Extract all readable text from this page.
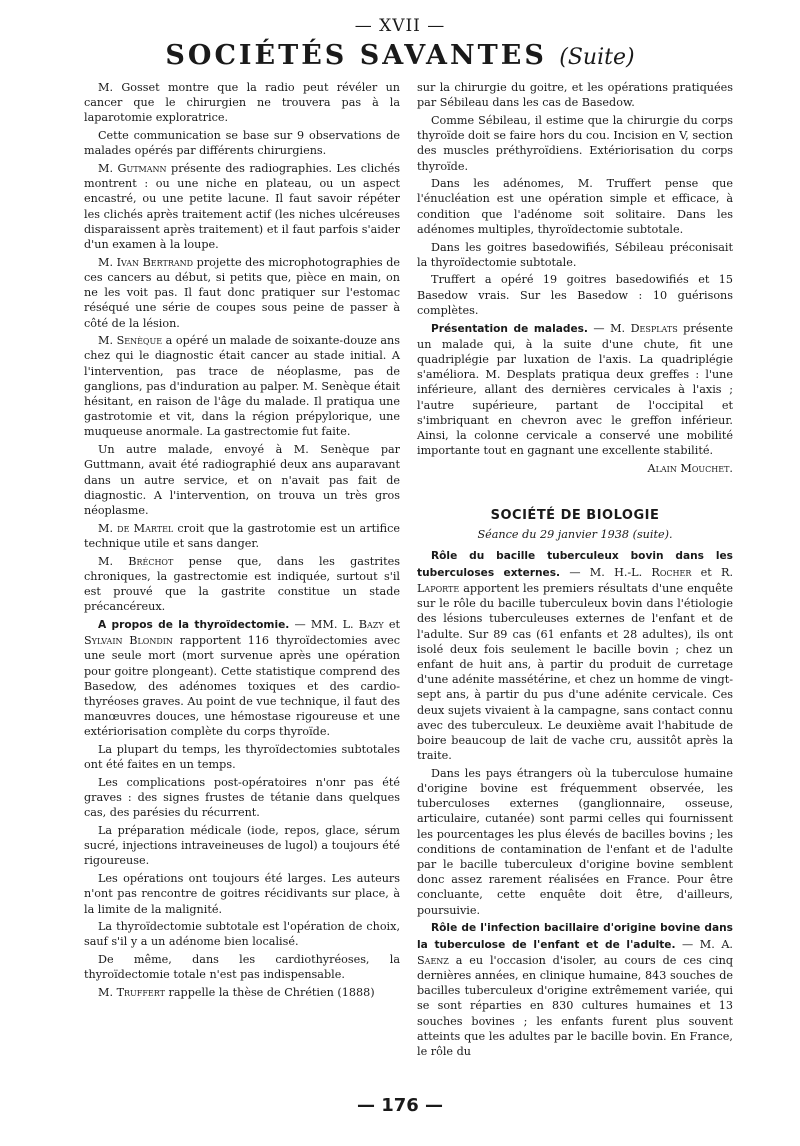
— XVII —
SOCIÉTÉS SAVANTES (Suite)

M. Gosset montre que la radio peut révéler un cancer que le chirurgien ne trouvera pas à la laparotomie exploratrice.

Cette communication se base sur 9 observations de malades opérés par différents chirurgiens.

M. Gutmann présente des radiographies. Les clichés montrent : ou une niche en plateau, ou un aspect encastré, ou une petite lacune. Il faut savoir répéter les clichés après traitement actif (les niches ulcéreuses disparaissent après traitement) et il faut parfois s'aider d'un examen à la loupe.

M. Ivan Bertrand projette des microphotographies de ces cancers au début, si petits que, pièce en main, on ne les voit pas. Il faut donc pratiquer sur l'estomac réséqué une série de coupes sous peine de passer à côté de la lésion.

M. Senèque a opéré un malade de soixante-douze ans chez qui le diagnostic était cancer au stade initial. A l'intervention, pas trace de néoplasme, pas de ganglions, pas d'induration au palper. M. Senèque était hésitant, en raison de l'âge du malade. Il pratiqua une gastrotomie et vit, dans la région prépylorique, une muqueuse anormale. La gastrectomie fut faite.

Un autre malade, envoyé à M. Senèque par Guttmann, avait été radiographié deux ans auparavant dans un autre service, et on n'avait pas fait de diagnostic. A l'intervention, on trouva un très gros néoplasme.

M. de Martel croit que la gastrotomie est un artifice technique utile et sans danger.

M. Bréchot pense que, dans les gastrites chroniques, la gastrectomie est indiquée, surtout s'il est prouvé que la gastrite constitue un stade précancéreux.

A propos de la thyroïdectomie. — MM. L. Bazy et Sylvain Blondin rapportent 116 thyroïdectomies avec une seule mort (mort survenue après une opération pour goitre plongeant). Cette statistique comprend des Basedow, des adénomes toxiques et des cardio-thyréoses graves. Au point de vue technique, il faut des manœuvres douces, une hémostase rigoureuse et une extériorisation complète du corps thyroïde.

La plupart du temps, les thyroïdectomies subtotales ont été faites en un temps.

Les complications post-opératoires n'onr pas été graves : des signes frustes de tétanie dans quelques cas, des parésies du récurrent.

La préparation médicale (iode, repos, glace, sérum sucré, injections intraveineuses de lugol) a toujours été rigoureuse.

Les opérations ont toujours été larges. Les auteurs n'ont pas rencontre de goitres récidivants sur place, à la limite de la malignité.

La thyroïdectomie subtotale est l'opération de choix, sauf s'il y a un adénome bien localisé.

De même, dans les cardiothyréoses, la thyroïdectomie totale n'est pas indispensable.

M. Truffert rappelle la thèse de Chrétien (1888)

sur la chirurgie du goitre, et les opérations pratiquées par Sébileau dans les cas de Basedow.

Comme Sébileau, il estime que la chirurgie du corps thyroïde doit se faire hors du cou. Incision en V, section des muscles préthyroïdiens. Extériorisation du corps thyroïde.

Dans les adénomes, M. Truffert pense que l'énucléation est une opération simple et efficace, à condition que l'adénome soit solitaire. Dans les adénomes multiples, thyroïdectomie subtotale.

Dans les goitres basedowifiés, Sébileau préconisait la thyroïdectomie subtotale.

Truffert a opéré 19 goitres basedowifiés et 15 Basedow vrais. Sur les Basedow : 10 guérisons complètes.

Présentation de malades. — M. Desplats présente un malade qui, à la suite d'une chute, fit une quadriplégie par luxation de l'axis. La quadriplégie s'améliora. M. Desplats pratiqua deux greffes : l'une inférieure, allant des dernières cervicales à l'axis ; l'autre supérieure, partant de l'occipital et s'imbriquant en chevron avec le greffon inférieur. Ainsi, la colonne cervicale a conservé une mobilité importante tout en gagnant une excellente stabilité.

Alain Mouchet.

SOCIÉTÉ DE BIOLOGIE
Séance du 29 janvier 1938 (suite).

Rôle du bacille tuberculeux bovin dans les tuberculoses externes. — M. H.-L. Rocher et R. Laporte apportent les premiers résultats d'une enquête sur le rôle du bacille tuberculeux bovin dans l'étiologie des lésions tuberculeuses externes de l'enfant et de l'adulte. Sur 89 cas (61 enfants et 28 adultes), ils ont isolé deux fois seulement le bacille bovin ; chez un enfant de huit ans, à partir du produit de curretage d'une adénite massétérine, et chez un homme de vingt-sept ans, à partir du pus d'une adénite cervicale. Ces deux sujets vivaient à la campagne, sans contact connu avec des tuberculeux. Le deuxième avait l'habitude de boire beaucoup de lait de vache cru, aussitôt après la traite.

Dans les pays étrangers où la tuberculose humaine d'origine bovine est fréquemment observée, les tuberculoses externes (ganglionnaire, osseuse, articulaire, cutanée) sont parmi celles qui fournissent les pourcentages les plus élevés de bacilles bovins ; les conditions de contamination de l'enfant et de l'adulte par le bacille tuberculeux d'origine bovine semblent donc assez rarement réalisées en France. Pour être concluante, cette enquête doit être, d'ailleurs, poursuivie.

Rôle de l'infection bacillaire d'origine bovine dans la tuberculose de l'enfant et de l'adulte. — M. A. Saenz a eu l'occasion d'isoler, au cours de ces cinq dernières années, en clinique humaine, 843 souches de bacilles tuberculeux d'origine extrêmement variée, qui se sont réparties en 830 cultures humaines et 13 souches bovines ; les enfants furent plus souvent atteints que les adultes par le bacille bovin. En France, le rôle du

— 176 —
